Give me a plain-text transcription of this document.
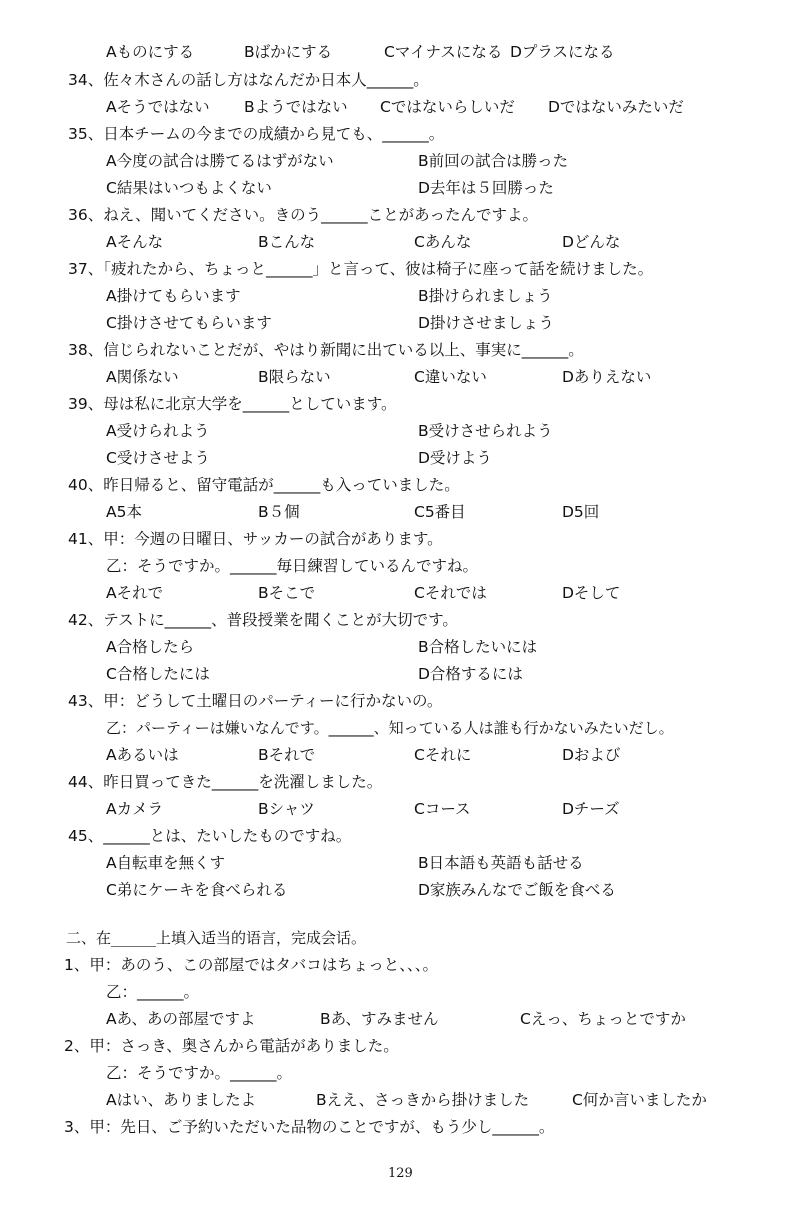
Aものにする	Bばかにする	Cマイナスになる Dプラスになる
34、佐々木さんの話し方はなんだか日本人______。
Aそうではない Bようではない Cではないらしいだ Dではないみたいだ
35、日本チームの今までの成績から見ても、______。
A今度の試合は勝てるはずがない	B前回の試合は勝った
C結果はいつもよくない	D去年は５回勝った
36、ねえ、聞いてください。きのう______ことがあったんですよ。
Aそんな	Bこんな	Cあんな	Dどんな
37、「疲れたから、ちょっと______」と言って、彼は椅子に座って話を続けました。
A掛けてもらいます	B掛けられましょう
C掛けさせてもらいます	D掛けさせましょう
38、信じられないことだが、やはり新聞に出ている以上、事実に______。
A関係ない	B限らない	C違いない	Dありえない
39、母は私に北京大学を______としています。
A受けられよう	B受けさせられよう
C受けさせよう	D受けよう
40、昨日帰ると、留守電話が______も入っていました。
A5本	B５個	C5番目	D5回
41、甲：今週の日曜日、サッカーの試合があります。
乙：そうですか。______毎日練習しているんですね。
Aそれで	Bそこで	Cそれでは	Dそして
42、テストに______、普段授業を聞くことが大切です。
A合格したら	B合格したいには
C合格したには	D合格するには
43、甲：どうして土曜日のパーティーに行かないの。
乙：パーティーは嫌いなんです。______、知っている人は誰も行かないみたいだし。
Aあるいは	Bそれで	Cそれに	Dおよび
44、昨日買ってきた______を洗濯しました。
Aカメラ	Bシャツ	Cコース	Dチーズ
45、______とは、たいしたものですね。
A自転車を無くす	B日本語も英語も話せる
C弟にケーキを食べられる	D家族みんなでご飯を食べる
二、在______上填入适当的语言，完成会话。
1、甲：あのう、この部屋ではタバコはちょっと、、、。
乙：______。
Aあ、あの部屋ですよ	Bあ、すみません	Cえっ、ちょっとですか
2、甲：さっき、奥さんから電話がありました。
乙：そうですか。______。
Aはい、ありましたよ	Bええ、さっきから掛けました	C何か言いましたか
3、甲：先日、ご予約いただいた品物のことですが、もう少し______。
129
